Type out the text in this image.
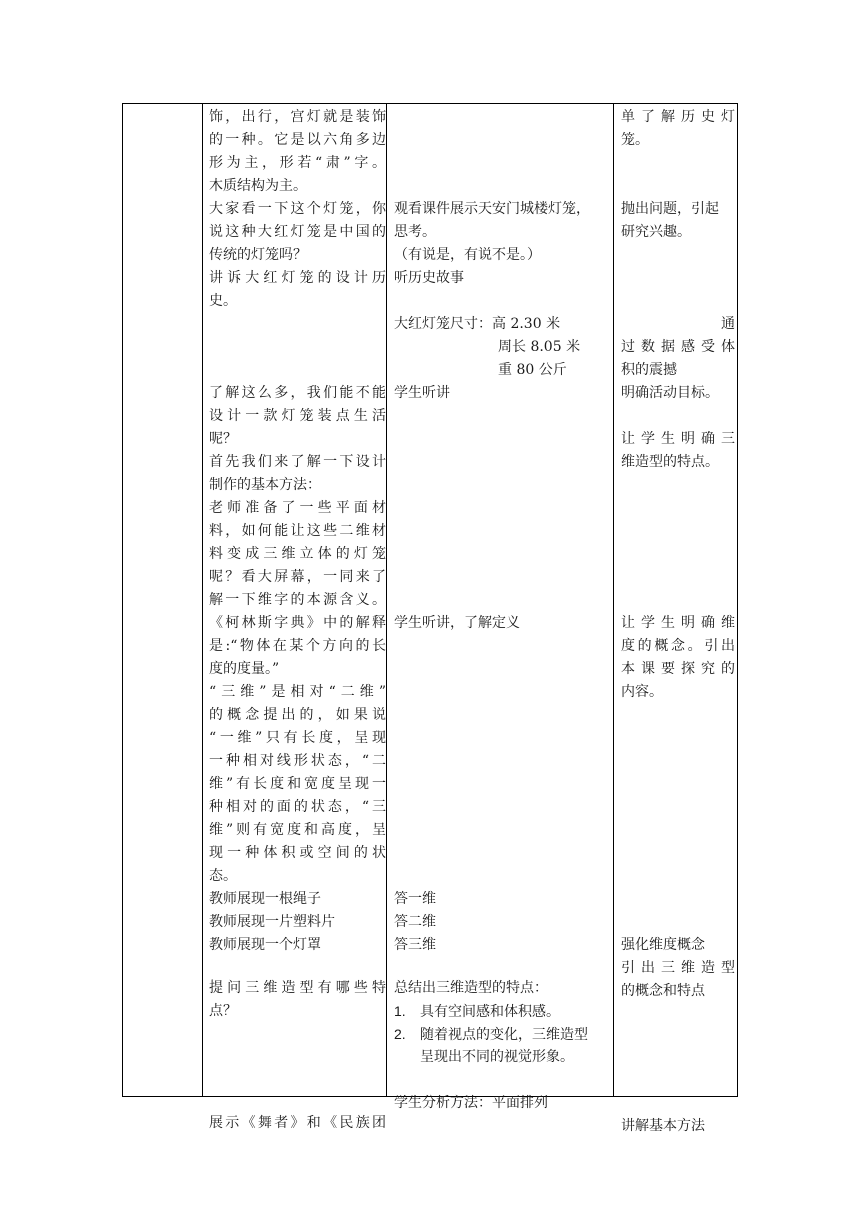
饰，出行，宫灯就是装饰
的一种。它是以六角多边
形为主，形若“肃”字。
木质结构为主。
大家看一下这个灯笼，你
说这种大红灯笼是中国的
传统的灯笼吗？
讲诉大红灯笼的设计历
史。
了解这么多，我们能不能
设计一款灯笼装点生活
呢？
首先我们来了解一下设计
制作的基本方法：
老师准备了一些平面材
料，如何能让这些二维材
料变成三维立体的灯笼
呢？看大屏幕，一同来了
解一下维字的本源含义。
《柯林斯字典》中的解释
是:“物体在某个方向的长
度的度量。”
“三维”是相对“二维”
的概念提出的，如果说
“一维”只有长度，呈现
一种相对线形状态，“二
维”有长度和宽度呈现一
种相对的面的状态，“三
维”则有宽度和高度，呈
现一种体积或空间的状
态。
教师展现一根绳子
教师展现一片塑料片
教师展现一个灯罩
提问三维造型有哪些特
点？
展示《舞者》和《民族团
观看课件展示天安门城楼灯笼，
思考。
（有说是，有说不是。）
听历史故事
大红灯笼尺寸：高 2.30 米
周长 8.05 米
重 80 公斤
学生听讲
学生听讲，了解定义
答一维
答二维
答三维
总结出三维造型的特点：
1. 具有空间感和体积感。
2. 随着视点的变化，三维造型
呈现出不同的视觉形象。
学生分析方法：平面排列
单了解历史灯
笼。
抛出问题，引起
研究兴趣。
通
过数据感受体
积的震撼
明确活动目标。
让学生明确三
维造型的特点。
让学生明确维
度的概念。引出
本课要探究的
内容。
强化维度概念
引出三维造型
的概念和特点
讲解基本方法
